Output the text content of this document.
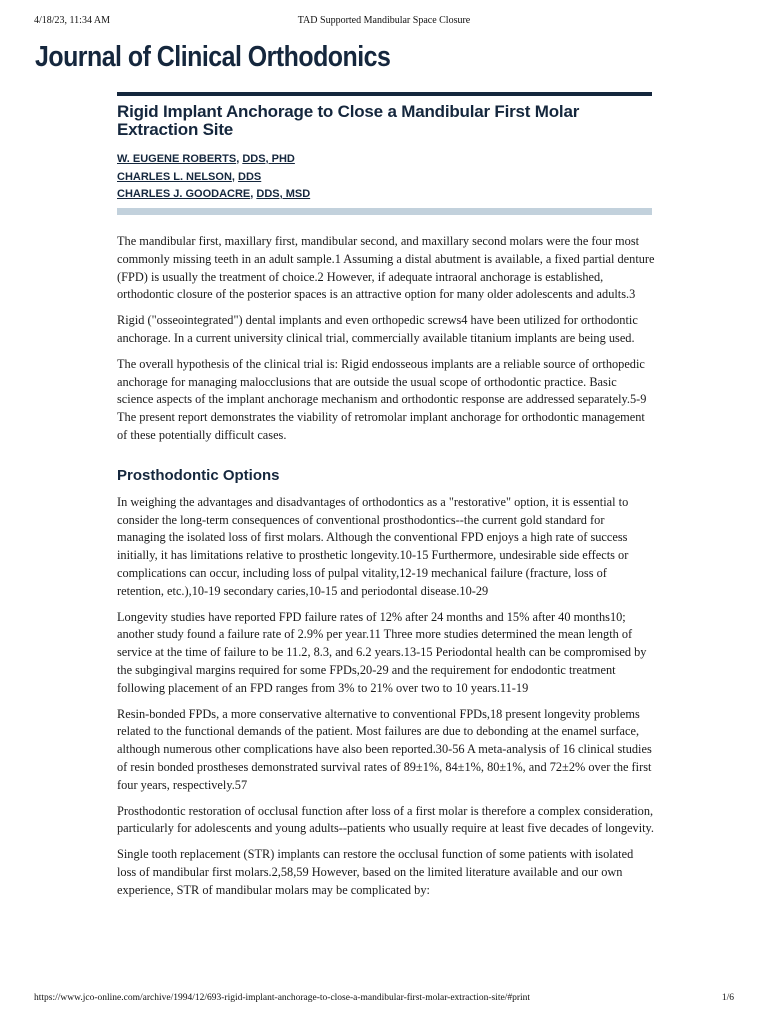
4/18/23, 11:34 AM	TAD Supported Mandibular Space Closure
Journal of Clinical Orthodonics
Rigid Implant Anchorage to Close a Mandibular First Molar Extraction Site
W. EUGENE ROBERTS, DDS, PHD
CHARLES L. NELSON, DDS
CHARLES J. GOODACRE, DDS, MSD

The mandibular first, maxillary first, mandibular second, and maxillary second molars were the four most commonly missing teeth in an adult sample.1 Assuming a distal abutment is available, a fixed partial denture (FPD) is usually the treatment of choice.2 However, if adequate intraoral anchorage is established, orthodontic closure of the posterior spaces is an attractive option for many older adolescents and adults.3

Rigid ("osseointegrated") dental implants and even orthopedic screws4 have been utilized for orthodontic anchorage. In a current university clinical trial, commercially available titanium implants are being used.

The overall hypothesis of the clinical trial is: Rigid endosseous implants are a reliable source of orthopedic anchorage for managing malocclusions that are outside the usual scope of orthodontic practice. Basic science aspects of the implant anchorage mechanism and orthodontic response are addressed separately.5-9 The present report demonstrates the viability of retromolar implant anchorage for orthodontic management of these potentially difficult cases.

Prosthodontic Options

In weighing the advantages and disadvantages of orthodontics as a "restorative" option, it is essential to consider the long-term consequences of conventional prosthodontics--the current gold standard for managing the isolated loss of first molars. Although the conventional FPD enjoys a high rate of success initially, it has limitations relative to prosthetic longevity.10-15 Furthermore, undesirable side effects or complications can occur, including loss of pulpal vitality,12-19 mechanical failure (fracture, loss of retention, etc.),10-19 secondary caries,10-15 and periodontal disease.10-29

Longevity studies have reported FPD failure rates of 12% after 24 months and 15% after 40 months10; another study found a failure rate of 2.9% per year.11 Three more studies determined the mean length of service at the time of failure to be 11.2, 8.3, and 6.2 years.13-15 Periodontal health can be compromised by the subgingival margins required for some FPDs,20-29 and the requirement for endodontic treatment following placement of an FPD ranges from 3% to 21% over two to 10 years.11-19

Resin-bonded FPDs, a more conservative alternative to conventional FPDs,18 present longevity problems related to the functional demands of the patient. Most failures are due to debonding at the enamel surface, although numerous other complications have also been reported.30-56 A meta-analysis of 16 clinical studies of resin bonded prostheses demonstrated survival rates of 89±1%, 84±1%, 80±1%, and 72±2% over the first four years, respectively.57

Prosthodontic restoration of occlusal function after loss of a first molar is therefore a complex consideration, particularly for adolescents and young adults--patients who usually require at least five decades of longevity.

Single tooth replacement (STR) implants can restore the occlusal function of some patients with isolated loss of mandibular first molars.2,58,59 However, based on the limited literature available and our own experience, STR of mandibular molars may be complicated by:

https://www.jco-online.com/archive/1994/12/693-rigid-implant-anchorage-to-close-a-mandibular-first-molar-extraction-site/#print	1/6
